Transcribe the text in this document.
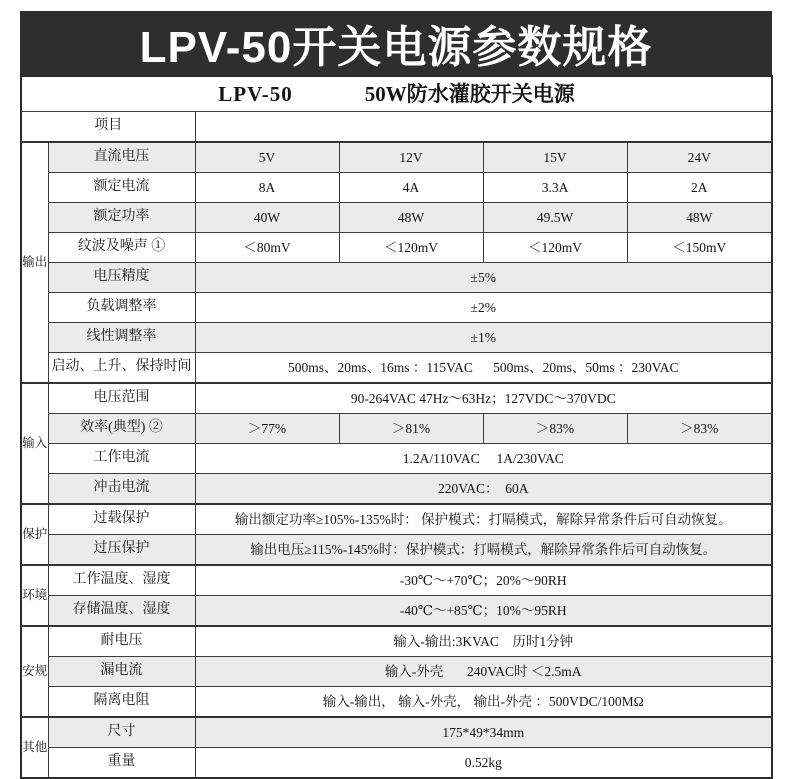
LPV-50开关电源参数规格
LPV-50 50W防水灌胶开关电源					

项目					
输出	直流电压	5V	12V	15V	24V
	额定电流	8A	4A	3.3A	2A
	额定功率	40W	48W	49.5W	48W
	纹波及噪声 ①	＜80mV	＜120mV	＜120mV	＜150mV
	电压精度	±5%			
	负载调整率	±2%			
	线性调整率	±1%			
	启动、上升、保持时间	500ms、20ms、16ms ：115VAC      500ms、20ms、50ms ：230VAC			
输入	电压范围	90-264VAC 47Hz～63Hz；127VDC～370VDC			
	效率(典型) ②	＞77%	＞81%	＞83%	＞83%
	工作电流	1.2A/110VAC     1A/230VAC			
	冲击电流	220VAC：  60A			
保护	过载保护	输出额定功率≥105%-135%时： 保护模式：打嗝模式，解除异常条件后可自动恢复。			
	过压保护	输出电压≥115%-145%时：保护模式：打嗝模式，解除异常条件后可自动恢复。			
环境	工作温度、湿度	-30℃～+70℃；20%～90RH			
	存储温度、湿度	-40℃～+85℃；10%～95RH			
安规	耐电压	输入-输出:3KVAC    历时1分钟			
	漏电流	输入-外壳       240VAC时 ＜2.5mA			
	隔离电阻	输入-输出， 输入-外壳， 输出-外壳 ：500VDC/100MΩ			
其他	尺寸	175*49*34mm			
	重量	0.52kg			
